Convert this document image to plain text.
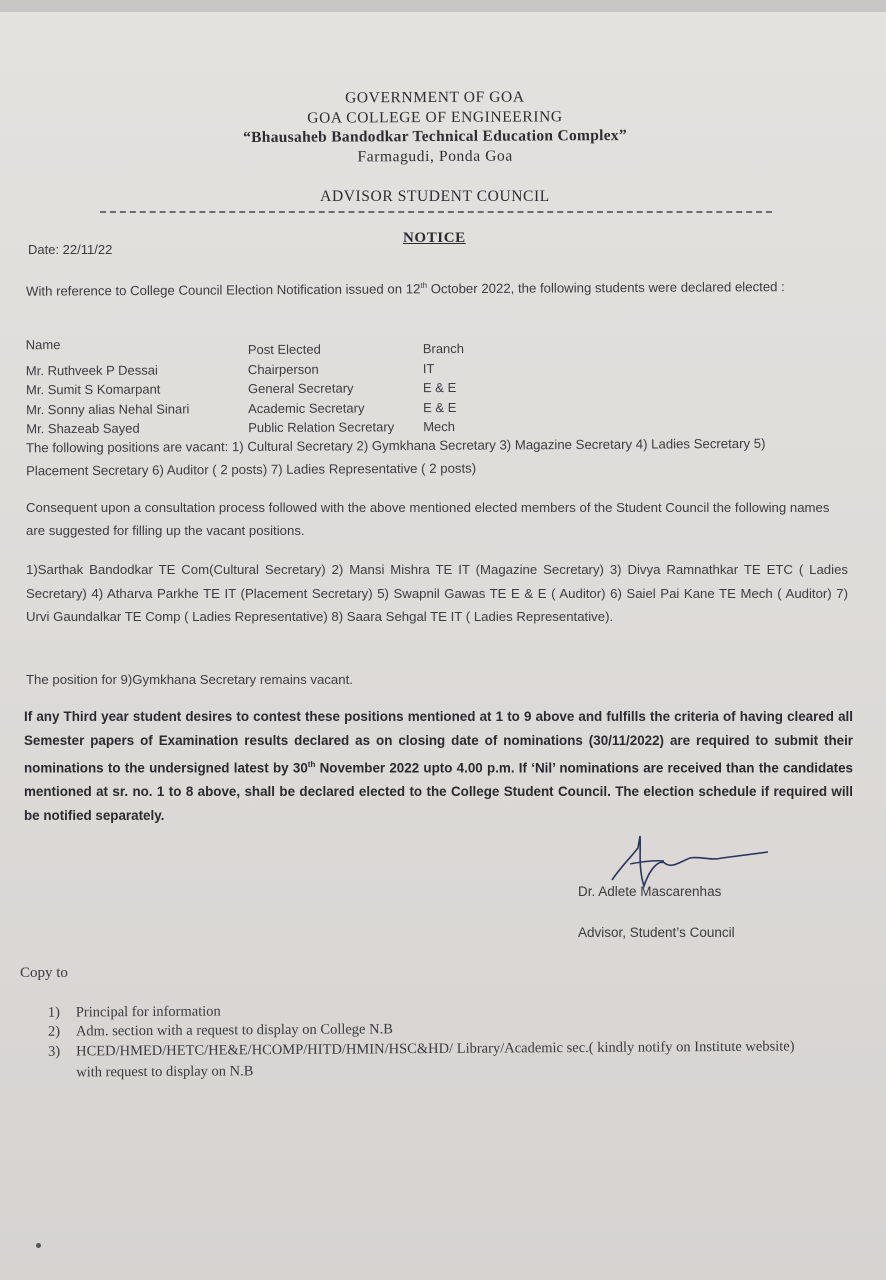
GOVERNMENT OF GOA
GOA COLLEGE OF ENGINEERING
“Bhausaheb Bandodkar Technical Education Complex”
Farmagudi, Ponda Goa
ADVISOR STUDENT COUNCIL
NOTICE
Date: 22/11/22
With reference to College Council Election Notification issued on 12th October 2022, the following students were declared elected :
Name	Post Elected	Branch
Mr. Ruthveek P Dessai	Chairperson	IT
Mr. Sumit S Komarpant	General Secretary	E & E
Mr. Sonny alias Nehal Sinari	Academic Secretary	E & E
Mr. Shazeab Sayed	Public Relation Secretary	Mech
The following positions are vacant: 1) Cultural Secretary 2) Gymkhana Secretary 3) Magazine Secretary 4) Ladies Secretary 5) Placement Secretary 6) Auditor ( 2 posts) 7) Ladies Representative ( 2 posts)
Consequent upon a consultation process followed with the above mentioned elected members of the Student Council the following names are suggested for filling up the vacant positions.
1)Sarthak Bandodkar TE Com(Cultural Secretary) 2) Mansi Mishra TE IT (Magazine Secretary) 3) Divya Ramnathkar TE ETC ( Ladies Secretary) 4) Atharva Parkhe TE IT (Placement Secretary) 5) Swapnil Gawas TE E & E ( Auditor) 6) Saiel Pai Kane TE Mech ( Auditor) 7) Urvi Gaundalkar TE Comp ( Ladies Representative) 8) Saara Sehgal TE IT ( Ladies Representative).
The position for 9)Gymkhana Secretary remains vacant.
If any Third year student desires to contest these positions mentioned at 1 to 9 above and fulfills the criteria of having cleared all Semester papers of Examination results declared as on closing date of nominations (30/11/2022) are required to submit their nominations to the undersigned latest by 30th November 2022 upto 4.00 p.m. If ‘Nil’ nominations are received than the candidates mentioned at sr. no. 1 to 8 above, shall be declared elected to the College Student Council. The election schedule if required will be notified separately.
Dr. Adlete Mascarenhas
Advisor, Student’s Council
Copy to
1)	Principal for information
2)	Adm. section with a request to display on College N.B
3)	HCED/HMED/HETC/HE&E/HCOMP/HITD/HMIN/HSC&HD/ Library/Academic sec.( kindly notify on Institute website) with request to display on N.B
